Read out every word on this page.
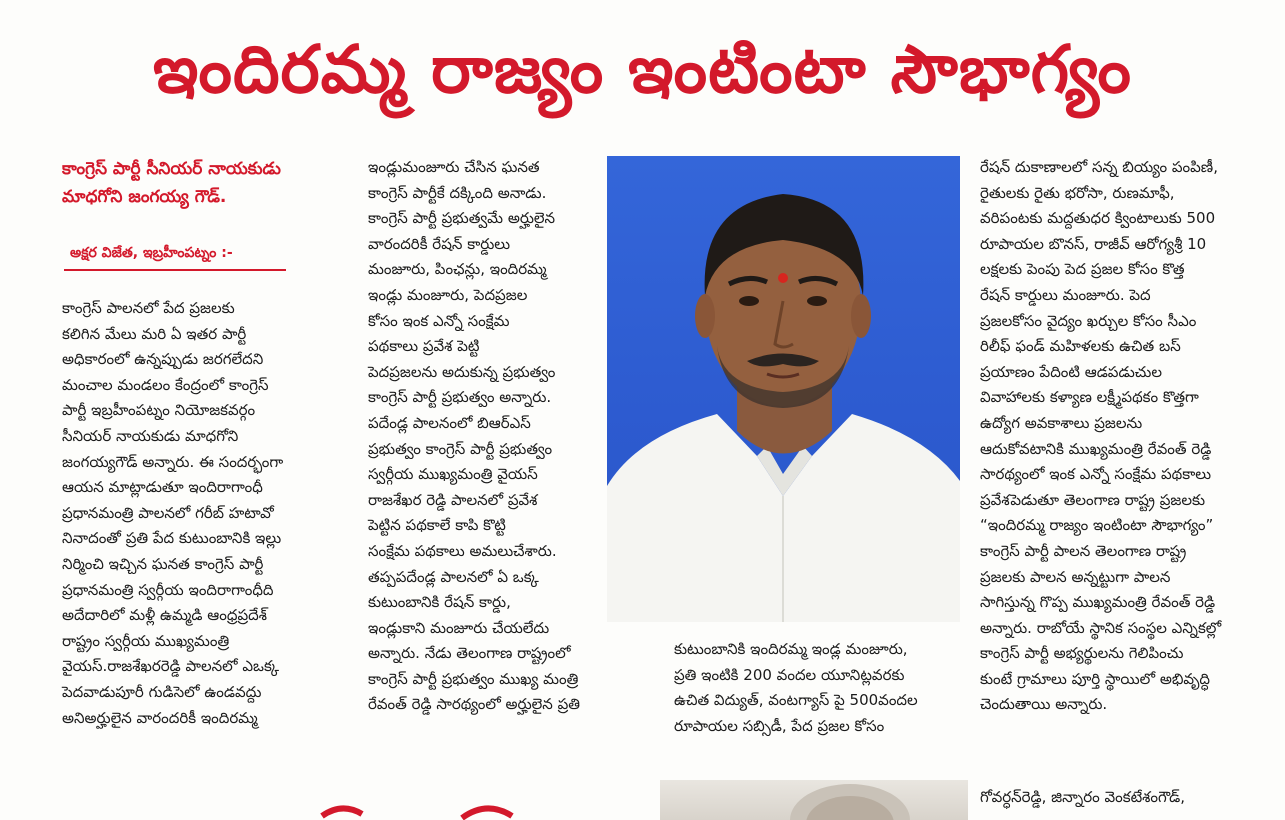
ఇందిరమ్మ రాజ్యం ఇంటింటా సౌభాగ్యం
కాంగ్రెస్ పార్టీ సీనియర్ నాయకుడు
మాధగోని జంగయ్య గౌడ్.
అక్షర విజేత, ఇబ్రహీంపట్నం :-
కాంగ్రెస్ పాలనలో పేద ప్రజలకు
కలిగిన మేలు మరి ఏ ఇతర పార్టీ
అధికారంలో ఉన్నప్పుడు జరగలేదని
మంచాల మండలం కేంద్రంలో కాంగ్రెస్
పార్టీ ఇబ్రహీంపట్నం నియోజకవర్గం
సీనియర్ నాయకుడు మాధగోని
జంగయ్యగౌడ్ అన్నారు. ఈ సందర్భంగా
ఆయన మాట్లాడుతూ ఇందిరాగాంధీ
ప్రధానమంత్రి పాలనలో గరీబ్ హటావో
నినాదంతో ప్రతి పేద కుటుంబానికి ఇల్లు
నిర్మించి ఇచ్చిన ఘనత కాంగ్రెస్ పార్టీ
ప్రధానమంత్రి స్వర్గీయ ఇందిరాగాంధీది
అదేదారిలో మళ్లీ ఉమ్మడి ఆంధ్రప్రదేశ్
రాష్ట్రం స్వర్గీయ ముఖ్యమంత్రి
వైయస్.రాజశేఖరరెడ్డి పాలనలో ఎఒక్క
పెదవాడుపూరీ గుడిసెలో ఉండవద్దు
అనిఅర్హులైన వారందరికీ ఇందిరమ్మ
ఇండ్లుమంజూరు చేసిన ఘనత
కాంగ్రెస్ పార్టీకే దక్కింది అనాడు.
కాంగ్రెస్ పార్టీ ప్రభుత్వమే అర్హులైన
వారందరికీ రేషన్ కార్డులు
మంజూరు, పింఛన్లు, ఇందిరమ్మ
ఇండ్లు మంజూరు, పెదప్రజల
కోసం ఇంక ఎన్నో సంక్షేమ
పథకాలు ప్రవేశ పెట్టి
పెదప్రజలను అదుకున్న ప్రభుత్వం
కాంగ్రెస్ పార్టీ ప్రభుత్వం అన్నారు.
పదేండ్ల పాలనంలో బిఆర్ఎస్
ప్రభుత్వం కాంగ్రెస్ పార్టీ ప్రభుత్వం
స్వర్గీయ ముఖ్యమంత్రి వైయస్
రాజశేఖర రెడ్డి పాలనలో ప్రవేశ
పెట్టిన పథకాలే కాపి కొట్టి
సంక్షేమ పథకాలు అమలుచేశారు.
తప్పపదేండ్ల పాలనలో ఏ ఒక్క
కుటుంబానికి రేషన్ కార్డు,
ఇండ్లుకాని మంజూరు చేయలేదు
అన్నారు. నేడు తెలంగాణ రాష్ట్రంలో
కాంగ్రెస్ పార్టీ ప్రభుత్వం ముఖ్య మంత్రి
రేవంత్ రెడ్డి సారథ్యంలో అర్హులైన ప్రతి
కుటుంబానికి ఇందిరమ్మ ఇండ్ల మంజూరు,
ప్రతి ఇంటికి 200 వందల యూనిట్లవరకు
ఉచిత విద్యుత్, వంటగ్యాస్ పై 500వందల
రూపాయల సబ్సిడీ, పేద ప్రజల కోసం
రేషన్ దుకాణాలలో సన్న బియ్యం పంపిణీ,
రైతులకు రైతు భరోసా, రుణమాఫీ,
వరిపంటకు మద్దతుధర క్వింటాలుకు 500
రూపాయల బొనస్, రాజీవ్ ఆరోగ్యశ్రీ 10
లక్షలకు పెంపు పెద ప్రజల కోసం కొత్త
రేషన్ కార్డులు మంజూరు. పెద
ప్రజలకోసం వైద్యం ఖర్చుల కోసం సీఎం
రిలీఫ్ ఫండ్ మహిళలకు ఉచిత బస్
ప్రయాణం పేదింటి ఆడపడుచుల
వివాహాలకు కళ్యాణ లక్ష్మీపథకం కొత్తగా
ఉద్యోగ అవకాశాలు ప్రజలను
ఆదుకోవటానికి ముఖ్యమంత్రి రేవంత్ రెడ్డి
సారథ్యంలో ఇంక ఎన్నో సంక్షేమ పథకాలు
ప్రవేశపెడుతూ తెలంగాణ రాష్ట్ర ప్రజలకు
“ఇందిరమ్మ రాజ్యం ఇంటింటా సౌభాగ్యం”
కాంగ్రెస్ పార్టీ పాలన తెలంగాణ రాష్ట్ర
ప్రజలకు పాలన అన్నట్టుగా పాలన
సాగిస్తున్న గొప్ప ముఖ్యమంత్రి రేవంత్ రెడ్డి
అన్నారు. రాబోయే స్థానిక సంస్థల ఎన్నికల్లో
కాంగ్రెస్ పార్టీ అభ్యర్థులను గెలిపించు
కుంటే గ్రామాలు పూర్తి స్థాయిలో అభివృద్ధి
చెందుతాయి అన్నారు.
గోవర్ధన్‌రెడ్డి, జిన్నారం వెంకటేశంగౌడ్,
